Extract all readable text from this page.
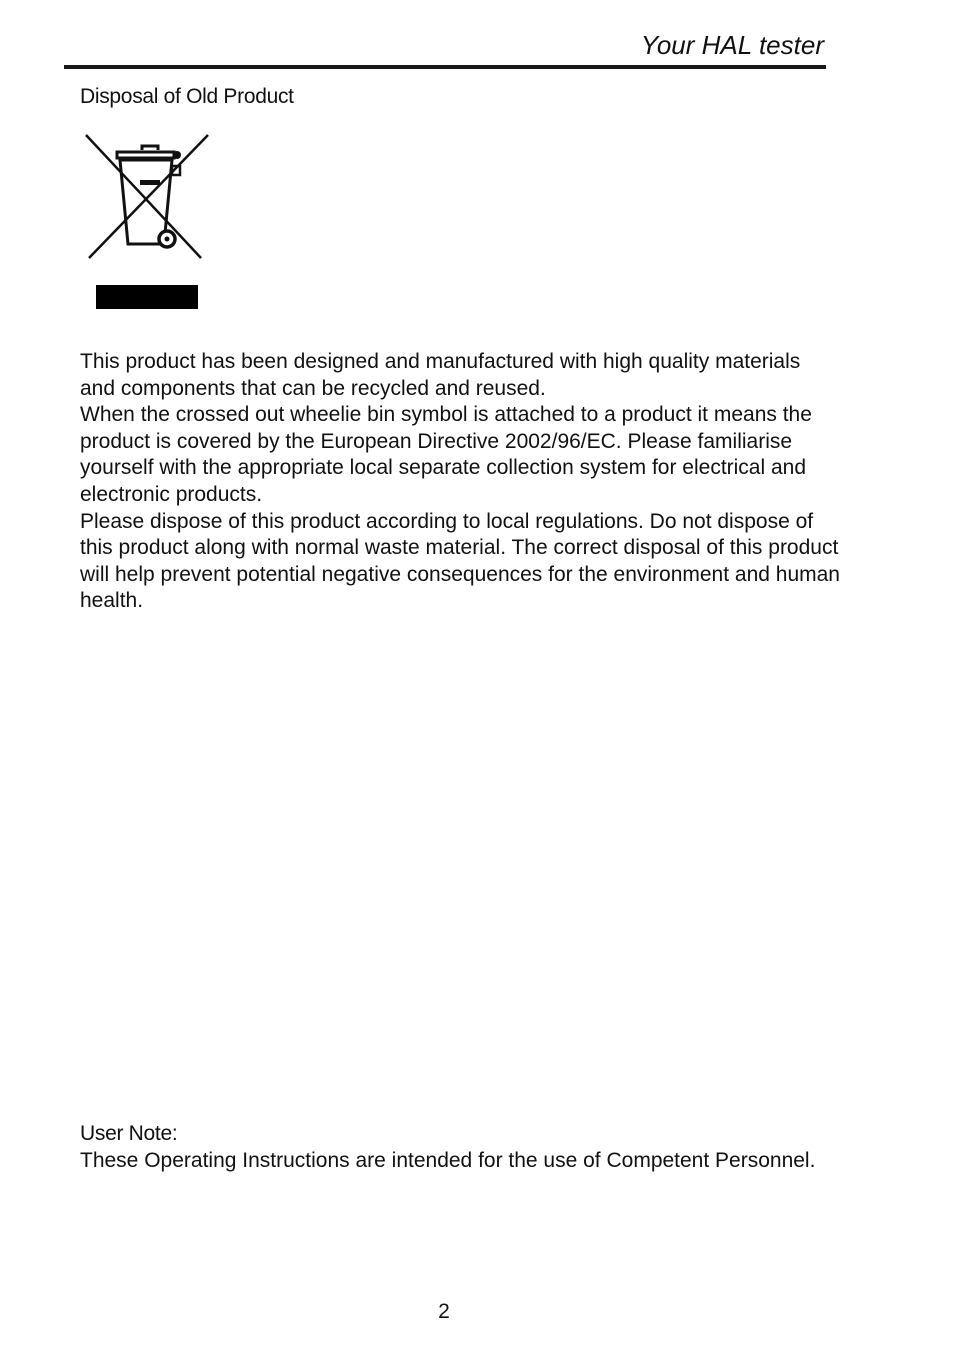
Your HAL tester
Disposal of Old Product

This product has been designed and manufactured with high quality materials and components that can be recycled and reused.

When the crossed out wheelie bin symbol is attached to a product it means the product is covered by the European Directive 2002/96/EC. Please familiarise yourself with the appropriate local separate collection system for electrical and electronic products.

Please dispose of this product according to local regulations. Do not dispose of this product along with normal waste material. The correct disposal of this product will help prevent potential negative consequences for the environment and human health.

User Note:
These Operating Instructions are intended for the use of Competent Personnel.
2
